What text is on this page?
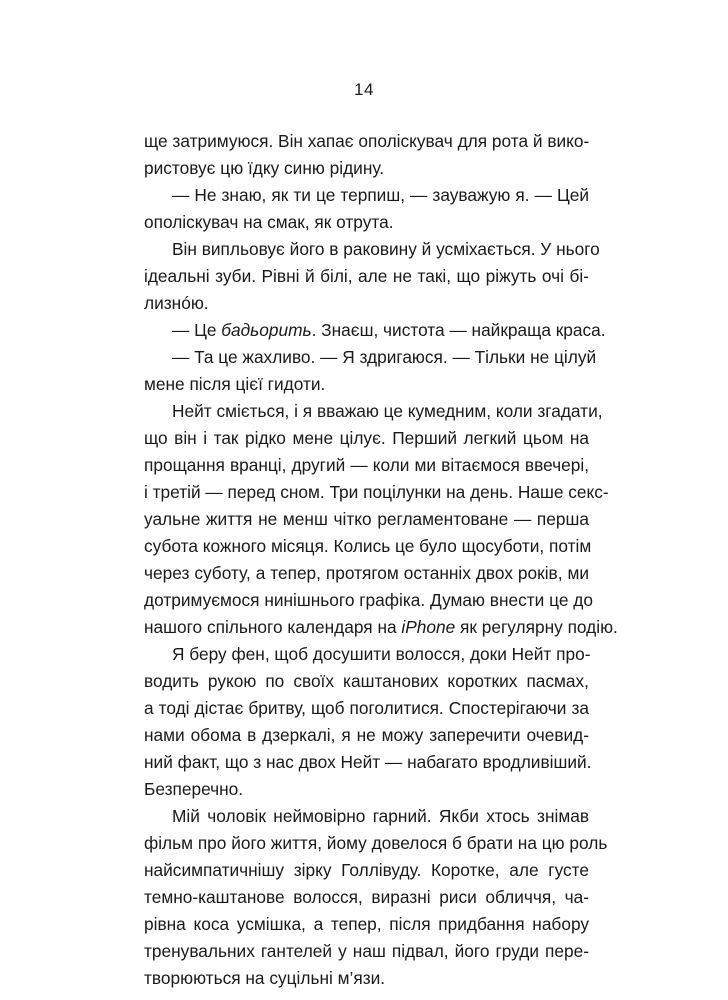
14
ще затримуюся. Він хапає ополіскувач для рота й вико-
ристовує цю їдку синю рідину.
— Не знаю, як ти це терпиш, — зауважую я. — Цей
ополіскувач на смак, як отрута.
Він випльовує його в раковину й усміхається. У нього
ідеальні зуби. Рівні й білі, але не такі, що ріжуть очі бі-
лизнóю.
— Це бадьорить. Знаєш, чистота — найкраща краса.
— Та це жахливо. — Я здригаюся. — Тільки не цілуй
мене після цієї гидоти.
Нейт сміється, і я вважаю це кумедним, коли згадати,
що він і так рідко мене цілує. Перший легкий цьом на
прощання вранці, другий — коли ми вітаємося ввечері,
і третій — перед сном. Три поцілунки на день. Наше секс-
уальне життя не менш чітко регламентоване — перша
субота кожного місяця. Колись це було щосуботи, потім
через суботу, а тепер, протягом останніх двох років, ми
дотримуємося нинішнього графіка. Думаю внести це до
нашого спільного календаря на iPhone як регулярну подію.
Я беру фен, щоб досушити волосся, доки Нейт про-
водить рукою по своїх каштанових коротких пасмах,
а тоді дістає бритву, щоб поголитися. Спостерігаючи за
нами обома в дзеркалі, я не можу заперечити очевид-
ний факт, що з нас двох Нейт — набагато вродливіший.
Безперечно.
Мій чоловік неймовірно гарний. Якби хтось знімав
фільм про його життя, йому довелося б брати на цю роль
найсимпатичнішу зірку Голлівуду. Коротке, але густе
темно-каштанове волосся, виразні риси обличчя, ча-
рівна коса усмішка, а тепер, після придбання набору
тренувальних гантелей у наш підвал, його груди пере-
творюються на суцільні м’язи.
